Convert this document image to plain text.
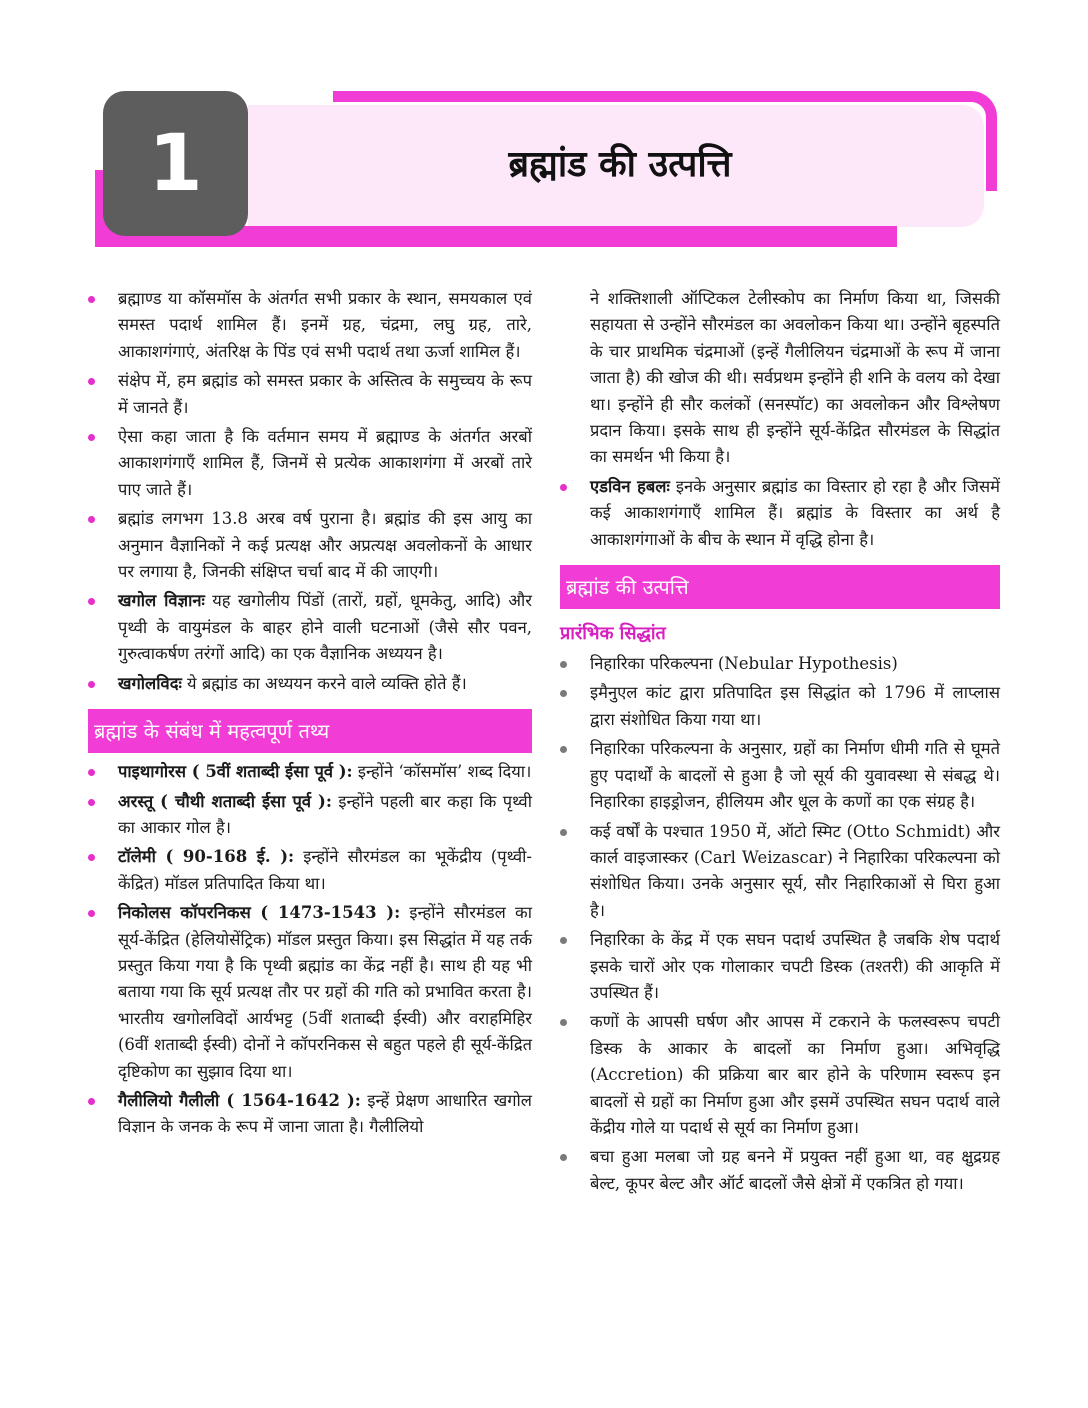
1	ब्रह्मांड की उत्पत्ति
ब्रह्माण्ड या कॉसमॉस के अंतर्गत सभी प्रकार के स्थान, समयकाल एवं समस्त पदार्थ शामिल हैं। इनमें ग्रह, चंद्रमा, लघु ग्रह, तारे, आकाशगंगाएं, अंतरिक्ष के पिंड एवं सभी पदार्थ तथा ऊर्जा शामिल हैं।
संक्षेप में, हम ब्रह्मांड को समस्त प्रकार के अस्तित्व के समुच्चय के रूप में जानते हैं।
ऐसा कहा जाता है कि वर्तमान समय में ब्रह्माण्ड के अंतर्गत अरबों आकाशगंगाएँ शामिल हैं, जिनमें से प्रत्येक आकाशगंगा में अरबों तारे पाए जाते हैं।
ब्रह्मांड लगभग 13.8 अरब वर्ष पुराना है। ब्रह्मांड की इस आयु का अनुमान वैज्ञानिकों ने कई प्रत्यक्ष और अप्रत्यक्ष अवलोकनों के आधार पर लगाया है, जिनकी संक्षिप्त चर्चा बाद में की जाएगी।
खगोल विज्ञानः यह खगोलीय पिंडों (तारों, ग्रहों, धूमकेतु, आदि) और पृथ्वी के वायुमंडल के बाहर होने वाली घटनाओं (जैसे सौर पवन, गुरुत्वाकर्षण तरंगों आदि) का एक वैज्ञानिक अध्ययन है।
खगोलविदः ये ब्रह्मांड का अध्ययन करने वाले व्यक्ति होते हैं।
ब्रह्मांड के संबंध में महत्वपूर्ण तथ्य
पाइथागोरस ( 5वीं शताब्दी ईसा पूर्व ): इन्होंने ‘कॉसमॉस’ शब्द दिया।
अरस्तू ( चौथी शताब्दी ईसा पूर्व ): इन्होंने पहली बार कहा कि पृथ्वी का आकार गोल है।
टॉलेमी ( 90-168 ई. ): इन्होंने सौरमंडल का भूकेंद्रीय (पृथ्वी-केंद्रित) मॉडल प्रतिपादित किया था।
निकोलस कॉपरनिकस ( 1473-1543 ): इन्होंने सौरमंडल का सूर्य-केंद्रित (हेलियोसेंट्रिक) मॉडल प्रस्तुत किया। इस सिद्धांत में यह तर्क प्रस्तुत किया गया है कि पृथ्वी ब्रह्मांड का केंद्र नहीं है। साथ ही यह भी बताया गया कि सूर्य प्रत्यक्ष तौर पर ग्रहों की गति को प्रभावित करता है। भारतीय खगोलविदों आर्यभट्ट (5वीं शताब्दी ईस्वी) और वराहमिहिर (6वीं शताब्दी ईस्वी) दोनों ने कॉपरनिकस से बहुत पहले ही सूर्य-केंद्रित दृष्टिकोण का सुझाव दिया था।
गैलीलियो गैलीली ( 1564-1642 ): इन्हें प्रेक्षण आधारित खगोल विज्ञान के जनक के रूप में जाना जाता है। गैलीलियो
ने शक्तिशाली ऑप्टिकल टेलीस्कोप का निर्माण किया था, जिसकी सहायता से उन्होंने सौरमंडल का अवलोकन किया था। उन्होंने बृहस्पति के चार प्राथमिक चंद्रमाओं (इन्हें गैलीलियन चंद्रमाओं के रूप में जाना जाता है) की खोज की थी। सर्वप्रथम इन्होंने ही शनि के वलय को देखा था। इन्होंने ही सौर कलंकों (सनस्पॉट) का अवलोकन और विश्लेषण प्रदान किया। इसके साथ ही इन्होंने सूर्य-केंद्रित सौरमंडल के सिद्धांत का समर्थन भी किया है।
एडविन हबलः इनके अनुसार ब्रह्मांड का विस्तार हो रहा है और जिसमें कई आकाशगंगाएँ शामिल हैं। ब्रह्मांड के विस्तार का अर्थ है आकाशगंगाओं के बीच के स्थान में वृद्धि होना है।
ब्रह्मांड की उत्पत्ति
प्रारंभिक सिद्धांत
निहारिका परिकल्पना (Nebular Hypothesis)
इमैनुएल कांट द्वारा प्रतिपादित इस सिद्धांत को 1796 में लाप्लास द्वारा संशोधित किया गया था।
निहारिका परिकल्पना के अनुसार, ग्रहों का निर्माण धीमी गति से घूमते हुए पदार्थों के बादलों से हुआ है जो सूर्य की युवावस्था से संबद्ध थे। निहारिका हाइड्रोजन, हीलियम और धूल के कणों का एक संग्रह है।
कई वर्षों के पश्चात 1950 में, ऑटो स्मिट (Otto Schmidt) और कार्ल वाइजास्कर (Carl Weizascar) ने निहारिका परिकल्पना को संशोधित किया। उनके अनुसार सूर्य, सौर निहारिकाओं से घिरा हुआ है।
निहारिका के केंद्र में एक सघन पदार्थ उपस्थित है जबकि शेष पदार्थ इसके चारों ओर एक गोलाकार चपटी डिस्क (तश्तरी) की आकृति में उपस्थित हैं।
कणों के आपसी घर्षण और आपस में टकराने के फलस्वरूप चपटी डिस्क के आकार के बादलों का निर्माण हुआ। अभिवृद्धि (Accretion) की प्रक्रिया बार बार होने के परिणाम स्वरूप इन बादलों से ग्रहों का निर्माण हुआ और इसमें उपस्थित सघन पदार्थ वाले केंद्रीय गोले या पदार्थ से सूर्य का निर्माण हुआ।
बचा हुआ मलबा जो ग्रह बनने में प्रयुक्त नहीं हुआ था, वह क्षुद्रग्रह बेल्ट, कूपर बेल्ट और ऑर्ट बादलों जैसे क्षेत्रों में एकत्रित हो गया।
